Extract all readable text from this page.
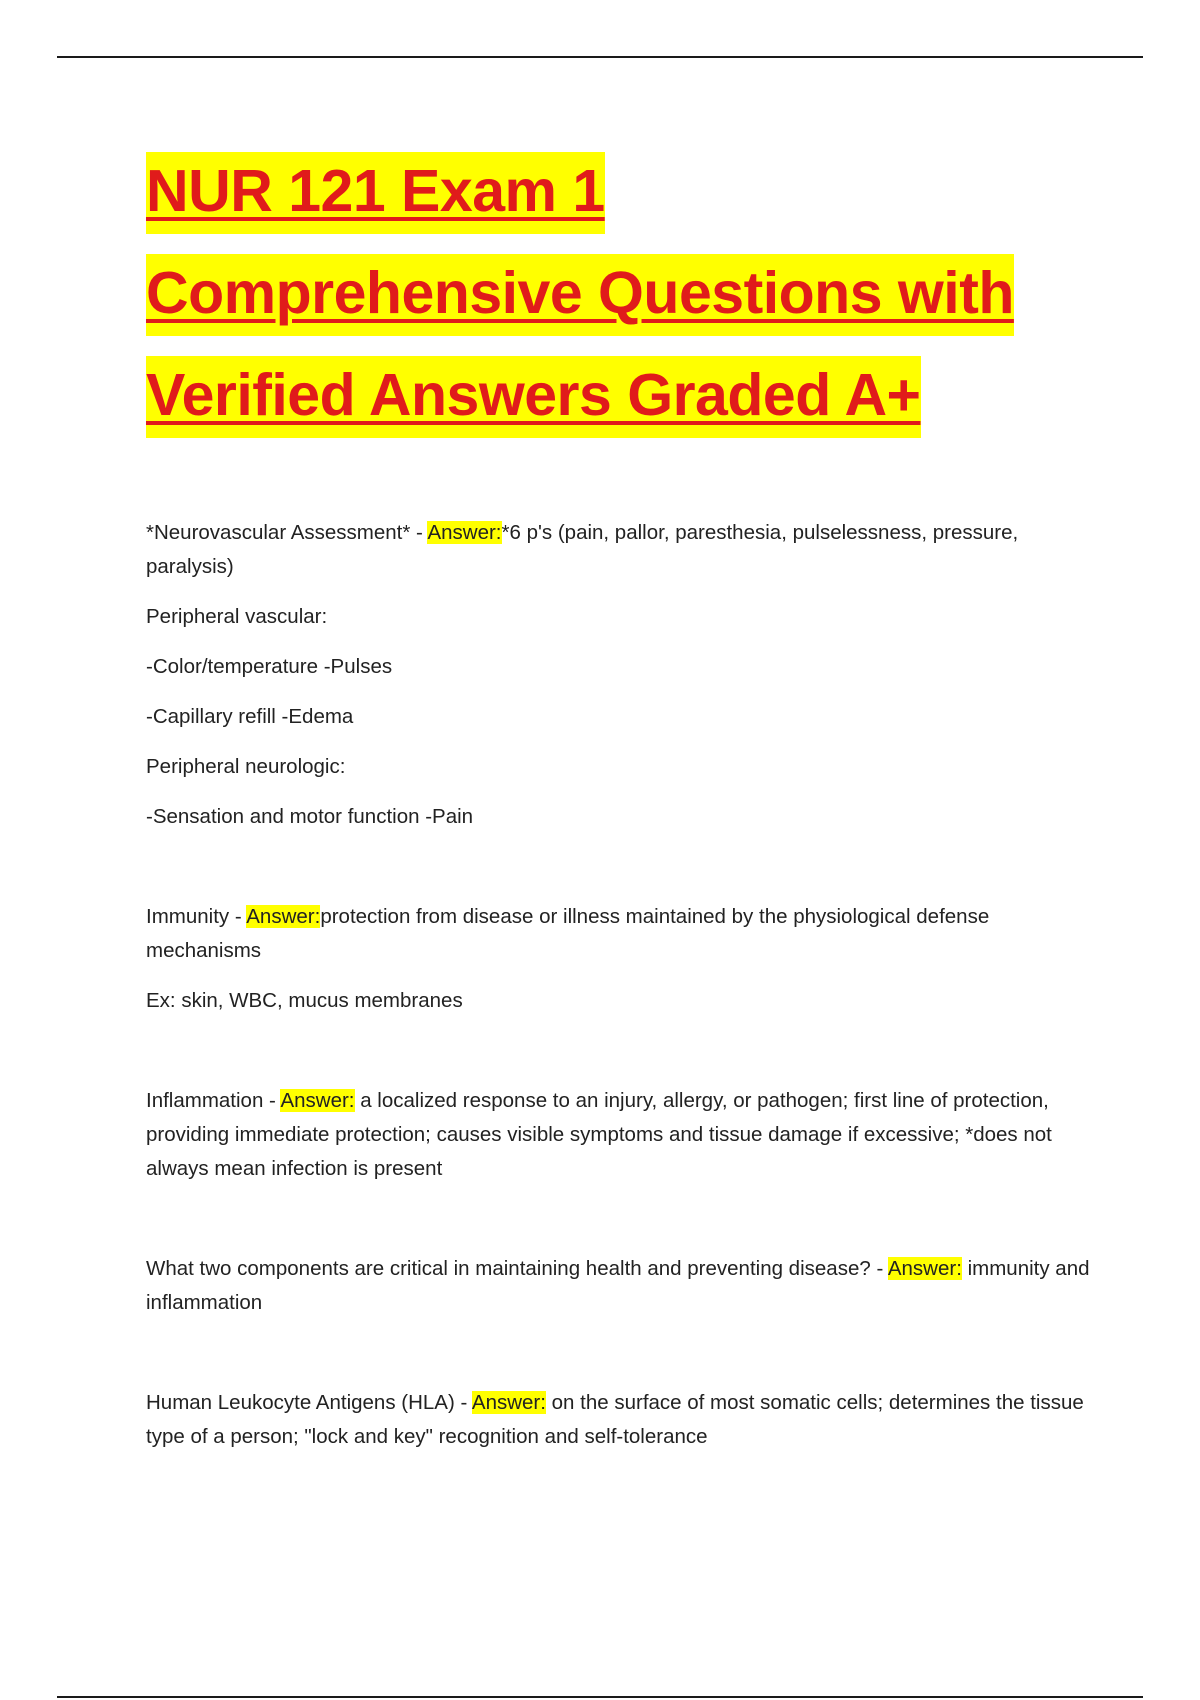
NUR 121 Exam 1
Comprehensive Questions with
Verified Answers Graded A+

*Neurovascular Assessment* - Answer:*6 p's (pain, pallor, paresthesia, pulselessness, pressure, paralysis)

Peripheral vascular:

-Color/temperature -Pulses

-Capillary refill -Edema

Peripheral neurologic:

-Sensation and motor function -Pain

Immunity - Answer:protection from disease or illness maintained by the physiological defense mechanisms

Ex: skin, WBC, mucus membranes

Inflammation - Answer: a localized response to an injury, allergy, or pathogen; first line of protection, providing immediate protection; causes visible symptoms and tissue damage if excessive; *does not always mean infection is present

What two components are critical in maintaining health and preventing disease? - Answer: immunity and inflammation

Human Leukocyte Antigens (HLA) - Answer: on the surface of most somatic cells; determines the tissue type of a person; "lock and key" recognition and self-tolerance
